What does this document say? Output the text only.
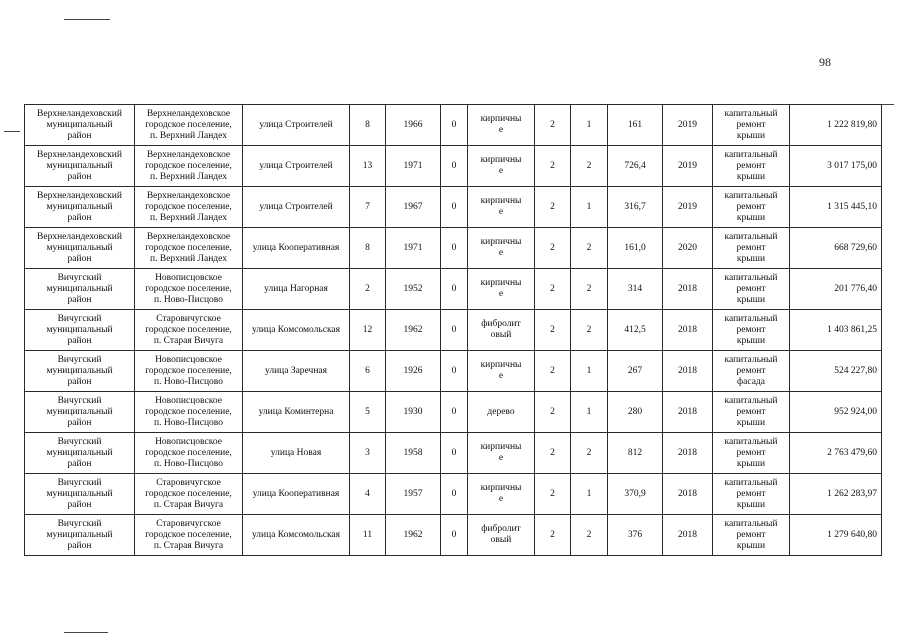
98
Верхнеландеховский
муниципальный
район	Верхнеландеховское
городское поселение,
п. Верхний Ландех	улица Строителей	8	1966	0	кирпичны
е	2	1	161	2019	капитальный
ремонт
крыши	1 222 819,80
Верхнеландеховский
муниципальный
район	Верхнеландеховское
городское поселение,
п. Верхний Ландех	улица Строителей	13	1971	0	кирпичны
е	2	2	726,4	2019	капитальный
ремонт
крыши	3 017 175,00
Верхнеландеховский
муниципальный
район	Верхнеландеховское
городское поселение,
п. Верхний Ландех	улица Строителей	7	1967	0	кирпичны
е	2	1	316,7	2019	капитальный
ремонт
крыши	1 315 445,10
Верхнеландеховский
муниципальный
район	Верхнеландеховское
городское поселение,
п. Верхний Ландех	улица Кооперативная	8	1971	0	кирпичны
е	2	2	161,0	2020	капитальный
ремонт
крыши	668 729,60
Вичугский
муниципальный
район	Новописцовское
городское поселение,
п. Ново-Писцово	улица Нагорная	2	1952	0	кирпичны
е	2	2	314	2018	капитальный
ремонт
крыши	201 776,40
Вичугский
муниципальный
район	Старовичугское
городское поселение,
п. Старая Вичуга	улица Комсомольская	12	1962	0	фибролит
овый	2	2	412,5	2018	капитальный
ремонт
крыши	1 403 861,25
Вичугский
муниципальный
район	Новописцовское
городское поселение,
п. Ново-Писцово	улица Заречная	6	1926	0	кирпичны
е	2	1	267	2018	капитальный
ремонт
фасада	524 227,80
Вичугский
муниципальный
район	Новописцовское
городское поселение,
п. Ново-Писцово	улица Коминтерна	5	1930	0	дерево	2	1	280	2018	капитальный
ремонт
крыши	952 924,00
Вичугский
муниципальный
район	Новописцовское
городское поселение,
п. Ново-Писцово	улица Новая	3	1958	0	кирпичны
е	2	2	812	2018	капитальный
ремонт
крыши	2 763 479,60
Вичугский
муниципальный
район	Старовичугское
городское поселение,
п. Старая Вичуга	улица Кооперативная	4	1957	0	кирпичны
е	2	1	370,9	2018	капитальный
ремонт
крыши	1 262 283,97
Вичугский
муниципальный
район	Старовичугское
городское поселение,
п. Старая Вичуга	улица Комсомольская	11	1962	0	фибролит
овый	2	2	376	2018	капитальный
ремонт
крыши	1 279 640,80
